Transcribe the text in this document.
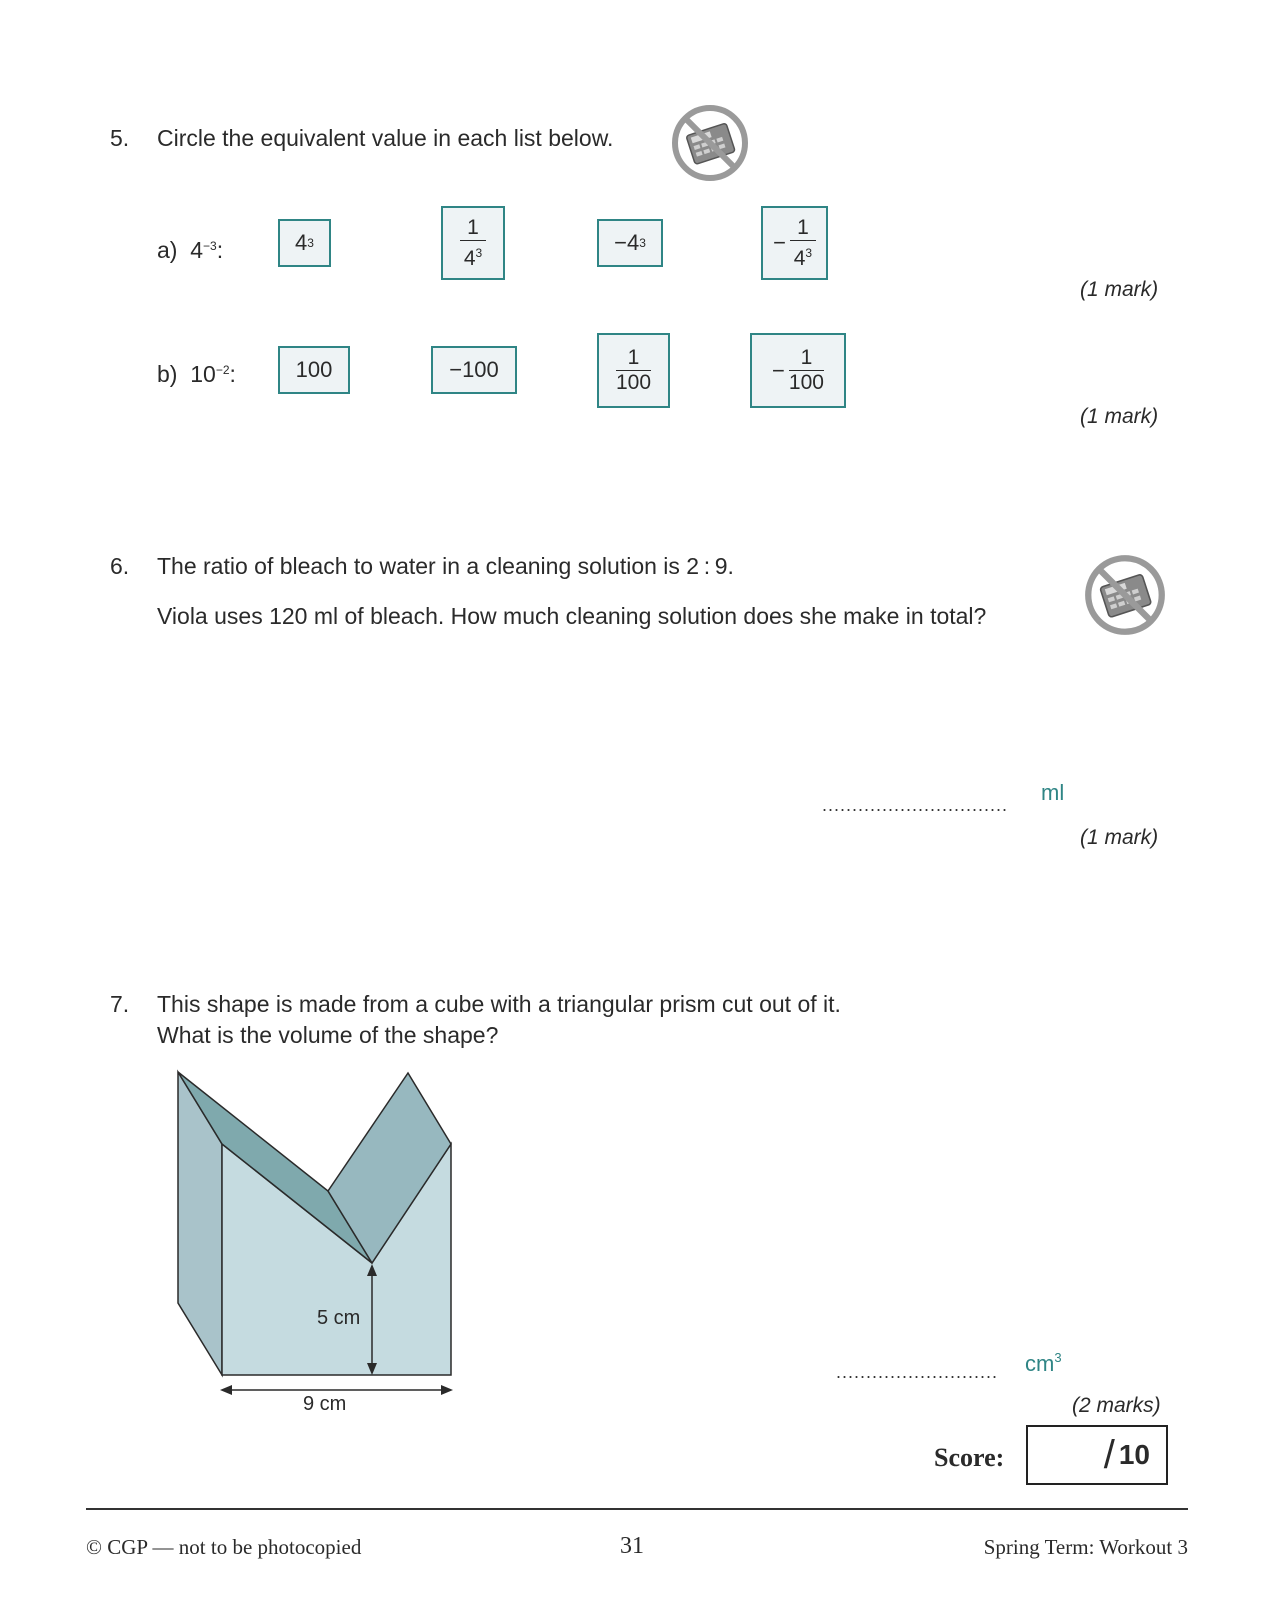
5. Circle the equivalent value in each list below.
a) $4^{-3}$:	4 3	$\frac{1}{4^3}$	− 4 3	− $\frac{1}{4^3}$
(1 mark)
b) $10^{-2}$:	100	−100	$\frac{1}{100}$	− $\frac{1}{100}$
(1 mark)
6. The ratio of bleach to water in a cleaning solution is 2 : 9.
Viola uses 120 ml of bleach. How much cleaning solution does she make in total?
............................... ml
(1 mark)
7. This shape is made from a cube with a triangular prism cut out of it.
What is the volume of the shape?
5 cm
9 cm
........................... $cm^3$
(2 marks)
Score: / 10
© CGP — not to be photocopied	31	Spring Term: Workout 3
